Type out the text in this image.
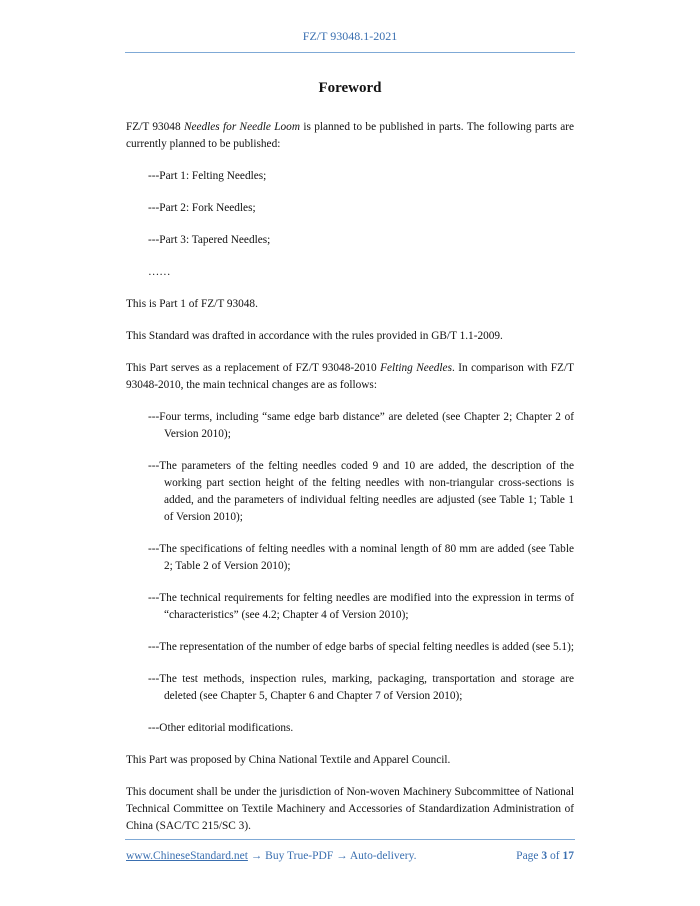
FZ/T 93048.1-2021
Foreword

FZ/T 93048 Needles for Needle Loom is planned to be published in parts. The following parts are currently planned to be published:

---Part 1: Felting Needles;
---Part 2: Fork Needles;
---Part 3: Tapered Needles;
……

This is Part 1 of FZ/T 93048.

This Standard was drafted in accordance with the rules provided in GB/T 1.1-2009.

This Part serves as a replacement of FZ/T 93048-2010 Felting Needles. In comparison with FZ/T 93048-2010, the main technical changes are as follows:

---Four terms, including “same edge barb distance” are deleted (see Chapter 2; Chapter 2 of Version 2010);
---The parameters of the felting needles coded 9 and 10 are added, the description of the working part section height of the felting needles with non-triangular cross-sections is added, and the parameters of individual felting needles are adjusted (see Table 1; Table 1 of Version 2010);
---The specifications of felting needles with a nominal length of 80 mm are added (see Table 2; Table 2 of Version 2010);
---The technical requirements for felting needles are modified into the expression in terms of “characteristics” (see 4.2; Chapter 4 of Version 2010);
---The representation of the number of edge barbs of special felting needles is added (see 5.1);
---The test methods, inspection rules, marking, packaging, transportation and storage are deleted (see Chapter 5, Chapter 6 and Chapter 7 of Version 2010);
---Other editorial modifications.

This Part was proposed by China National Textile and Apparel Council.

This document shall be under the jurisdiction of Non-woven Machinery Subcommittee of National Technical Committee on Textile Machinery and Accessories of Standardization Administration of China (SAC/TC 215/SC 3).

www.ChineseStandard.net → Buy True-PDF → Auto-delivery.	Page 3 of 17
